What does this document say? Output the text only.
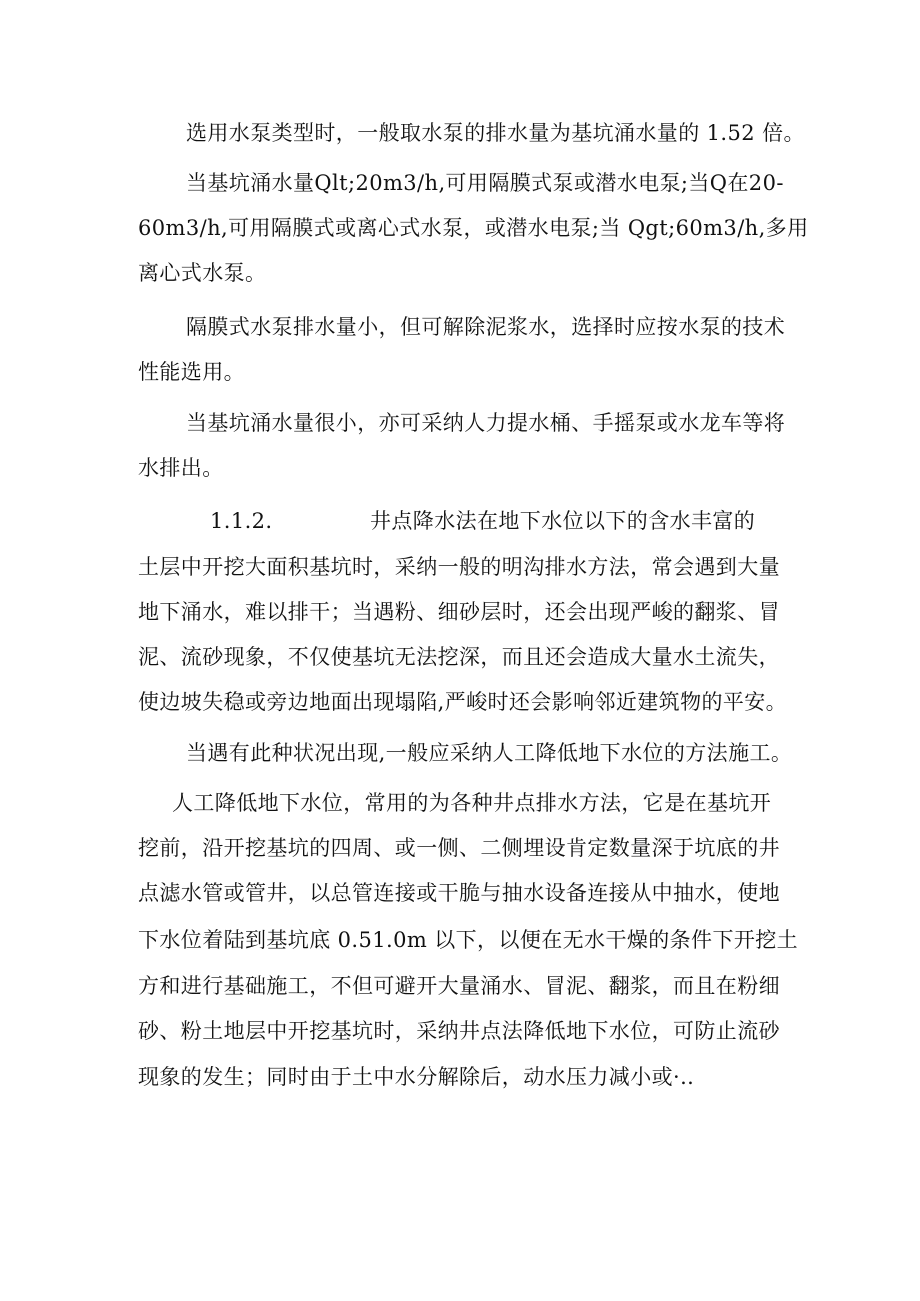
选用水泵类型时，一般取水泵的排水量为基坑涌水量的 1.52 倍。
当基坑涌水量Qlt;20m3/h,可用隔膜式泵或潜水电泵;当Q在20-
60m3/h,可用隔膜式或离心式水泵，或潜水电泵;当 Qgt;60m3/h,多用
离心式水泵。
隔膜式水泵排水量小，但可解除泥浆水，选择时应按水泵的技术
性能选用。
当基坑涌水量很小，亦可采纳人力提水桶、手摇泵或水龙车等将
水排出。
1.1.2.	井点降水法在地下水位以下的含水丰富的
土层中开挖大面积基坑时，采纳一般的明沟排水方法，常会遇到大量
地下涌水，难以排干；当遇粉、细砂层时，还会出现严峻的翻浆、冒
泥、流砂现象，不仅使基坑无法挖深，而且还会造成大量水土流失，
使边坡失稳或旁边地面出现塌陷,严峻时还会影响邻近建筑物的平安。
当遇有此种状况出现,一般应采纳人工降低地下水位的方法施工。
人工降低地下水位，常用的为各种井点排水方法，它是在基坑开
挖前，沿开挖基坑的四周、或一侧、二侧埋设肯定数量深于坑底的井
点滤水管或管井，以总管连接或干脆与抽水设备连接从中抽水，使地
下水位着陆到基坑底 0.51.0m 以下，以便在无水干燥的条件下开挖土
方和进行基础施工，不但可避开大量涌水、冒泥、翻浆，而且在粉细
砂、粉土地层中开挖基坑时，采纳井点法降低地下水位，可防止流砂
现象的发生；同时由于土中水分解除后，动水压力减小或·..
